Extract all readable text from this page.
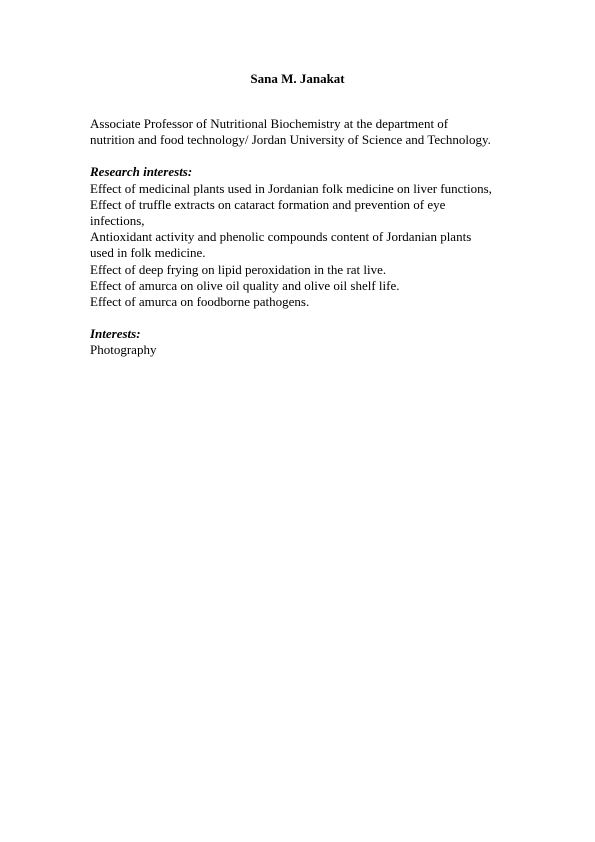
Sana M. Janakat

Associate Professor of Nutritional Biochemistry at the department of nutrition and food technology/ Jordan University of Science and Technology.

Research interests:

Effect of medicinal plants used in Jordanian folk medicine on liver functions,
Effect of truffle extracts on cataract formation and prevention of eye infections,
Antioxidant activity and phenolic compounds content of Jordanian plants used in folk medicine.
Effect of deep frying on lipid peroxidation in the rat live.
Effect of amurca on olive oil quality and olive oil shelf life.
Effect of amurca on foodborne pathogens.

Interests:

Photography
